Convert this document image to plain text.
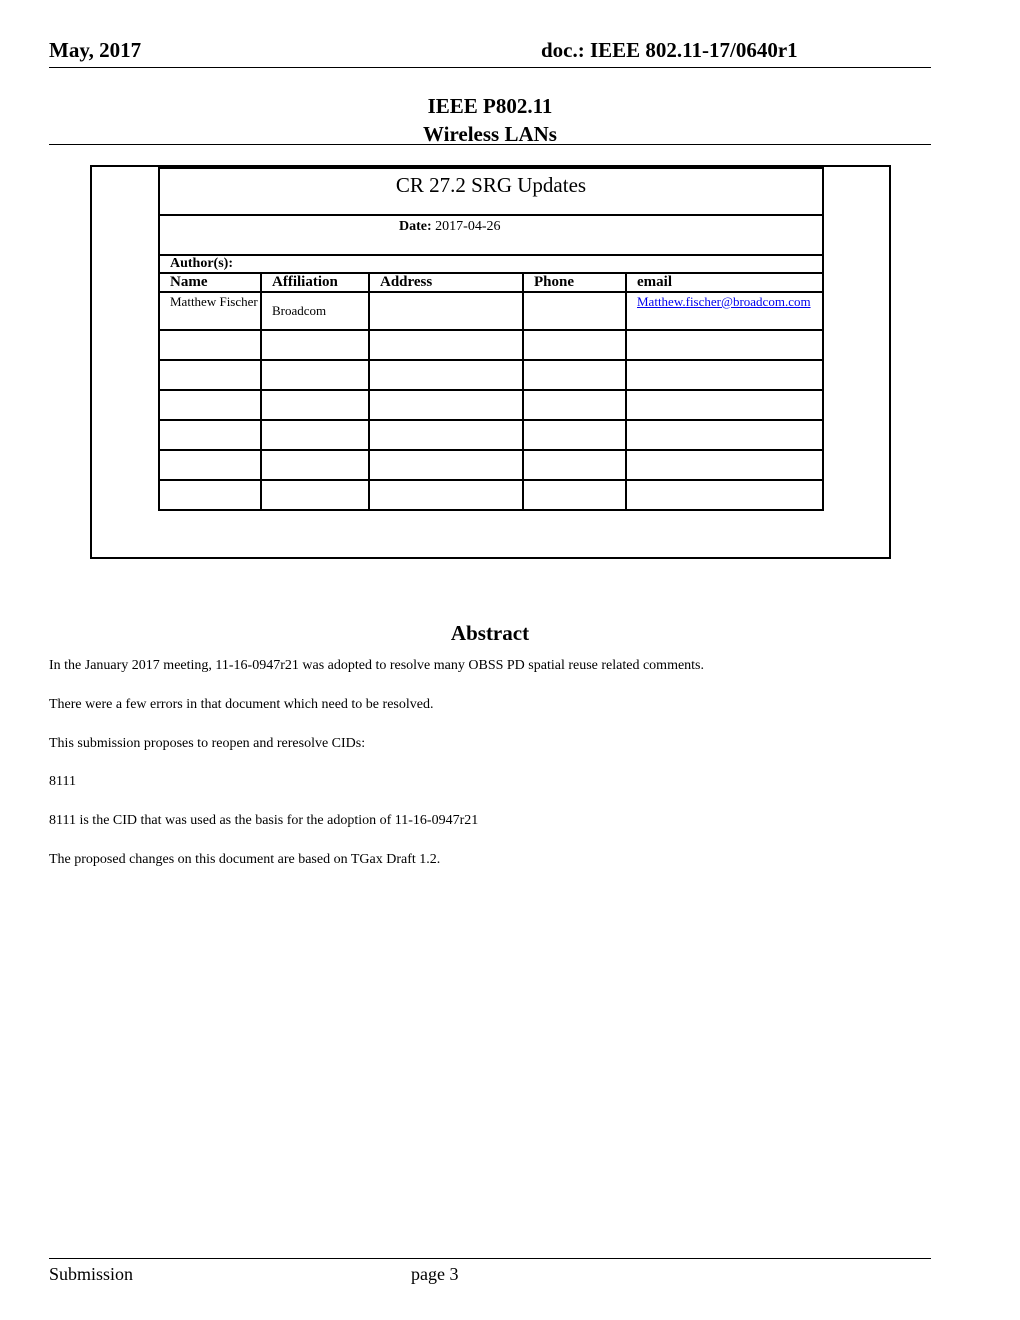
May, 2017	doc.: IEEE 802.11-17/0640r1
IEEE P802.11
Wireless LANs
CR 27.2 SRG Updates				

Date: 2017-04-26				

Author(s):				
Name	Affiliation	Address	Phone	email
Matthew Fischer	Broadcom			Matthew.fischer@broadcom.com

Abstract
In the January 2017 meeting, 11-16-0947r21 was adopted to resolve many OBSS PD spatial reuse related comments.
There were a few errors in that document which need to be resolved.
This submission proposes to reopen and reresolve CIDs:
8111
8111 is the CID that was used as the basis for the adoption of 11-16-0947r21
The proposed changes on this document are based on TGax Draft 1.2.
Submission	page 3
